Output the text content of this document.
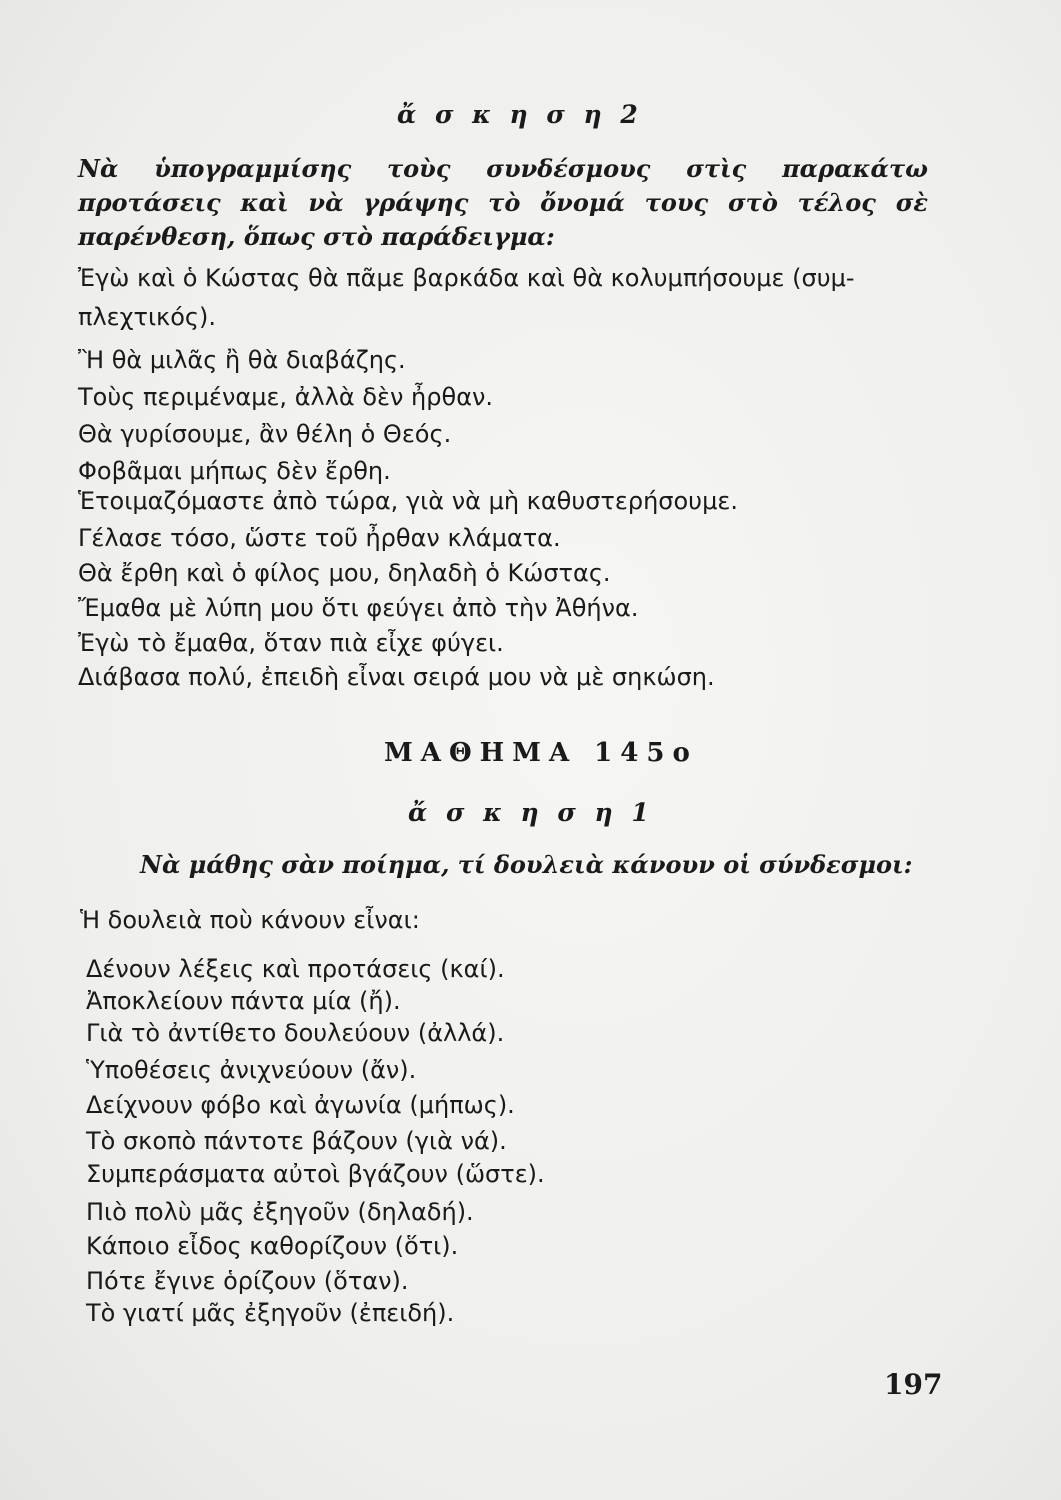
ἄ σ κ η σ η 2
Νὰ ὑπογραμμίσης τοὺς συνδέσμους στὶς παρακάτω προτάσεις καὶ νὰ γράψης τὸ ὄνομά τους στὸ τέλος σὲ παρένθεση, ὅπως στὸ παράδειγμα:
Ἐγὼ καὶ ὁ Κώστας θὰ πᾶμε βαρκάδα καὶ θὰ κολυμπήσουμε (συμ-
πλεχτικός).
Ἢ θὰ μιλᾶς ἢ θὰ διαβάζης.
Τοὺς περιμέναμε, ἀλλὰ δὲν ἦρθαν.
Θὰ γυρίσουμε, ἂν θέλη ὁ Θεός.
Φοβᾶμαι μήπως δὲν ἔρθη.
Ἑτοιμαζόμαστε ἀπὸ τώρα, γιὰ νὰ μὴ καθυστερήσουμε.
Γέλασε τόσο, ὥστε τοῦ ἦρθαν κλάματα.
Θὰ ἔρθη καὶ ὁ φίλος μου, δηλαδὴ ὁ Κώστας.
Ἔμαθα μὲ λύπη μου ὅτι φεύγει ἀπὸ τὴν Ἀθήνα.
Ἐγὼ τὸ ἔμαθα, ὅταν πιὰ εἶχε φύγει.
Διάβασα πολύ, ἐπειδὴ εἶναι σειρά μου νὰ μὲ σηκώση.
ΜΑΘΗΜΑ 145ο
ἄ σ κ η σ η 1
Νὰ μάθης σὰν ποίημα, τί δουλειὰ κάνουν οἱ σύνδεσμοι:
Ἡ δουλειὰ ποὺ κάνουν εἶναι:
Δένουν λέξεις καὶ προτάσεις (καί).
Ἀποκλείουν πάντα μία (ἤ).
Γιὰ τὸ ἀντίθετο δουλεύουν (ἀλλά).
Ὑποθέσεις ἀνιχνεύουν (ἄν).
Δείχνουν φόβο καὶ ἀγωνία (μήπως).
Τὸ σκοπὸ πάντοτε βάζουν (γιὰ νά).
Συμπεράσματα αὐτοὶ βγάζουν (ὥστε).
Πιὸ πολὺ μᾶς ἐξηγοῦν (δηλαδή).
Κάποιο εἶδος καθορίζουν (ὅτι).
Πότε ἔγινε ὁρίζουν (ὅταν).
Τὸ γιατί μᾶς ἐξηγοῦν (ἐπειδή).
197
